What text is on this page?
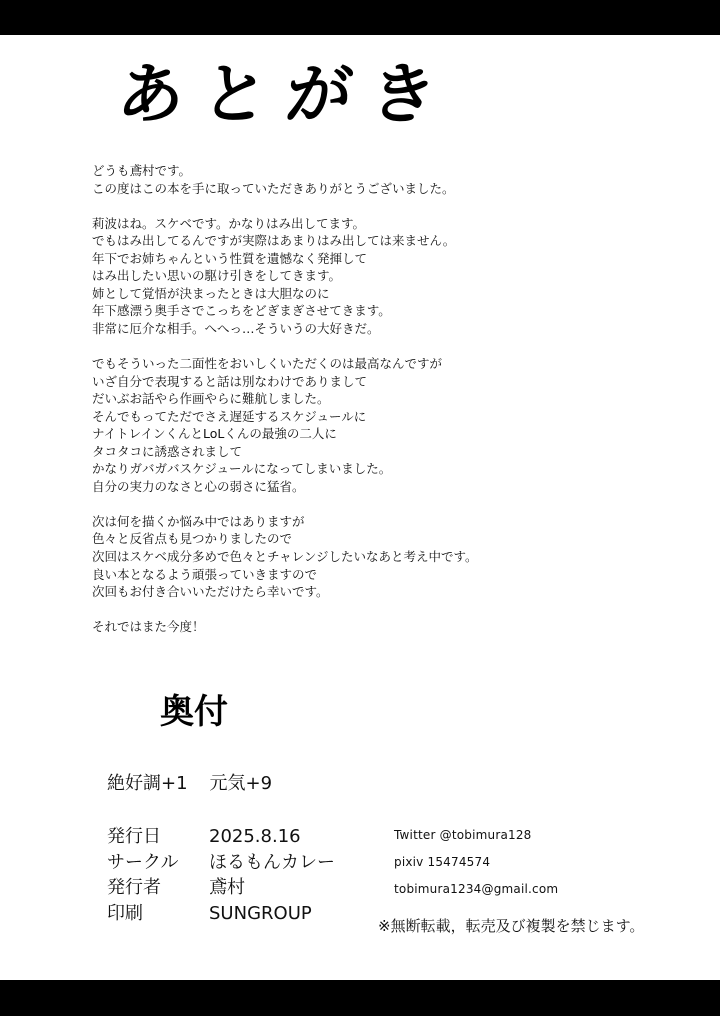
あとがき
どうも鳶村です。
この度はこの本を手に取っていただきありがとうございました。
莉波はね。スケベです。かなりはみ出してます。
でもはみ出してるんですが実際はあまりはみ出しては来ません。
年下でお姉ちゃんという性質を遺憾なく発揮して
はみ出したい思いの駆け引きをしてきます。
姉として覚悟が決まったときは大胆なのに
年下感漂う奥手さでこっちをどぎまぎさせてきます。
非常に厄介な相手。へへっ…そういうの大好きだ。
でもそういった二面性をおいしくいただくのは最高なんですが
いざ自分で表現すると話は別なわけでありまして
だいぶお話やら作画やらに難航しました。
そんでもってただでさえ遅延するスケジュールに
ナイトレインくんとLoLくんの最強の二人に
タコタコに誘惑されまして
かなりガバガバスケジュールになってしまいました。
自分の実力のなさと心の弱さに猛省。
次は何を描くか悩み中ではありますが
色々と反省点も見つかりましたので
次回はスケベ成分多めで色々とチャレンジしたいなあと考え中です。
良い本となるよう頑張っていきますので
次回もお付き合いいただけたら幸いです。
それではまた今度！
奥付
絶好調+1 元気+9
発行日	2025.8.16
サークル	ほるもんカレー
発行者	鳶村
印刷	SUNGROUP
Twitter @tobimura128
pixiv 15474574
tobimura1234@gmail.com
※無断転載，転売及び複製を禁じます。
